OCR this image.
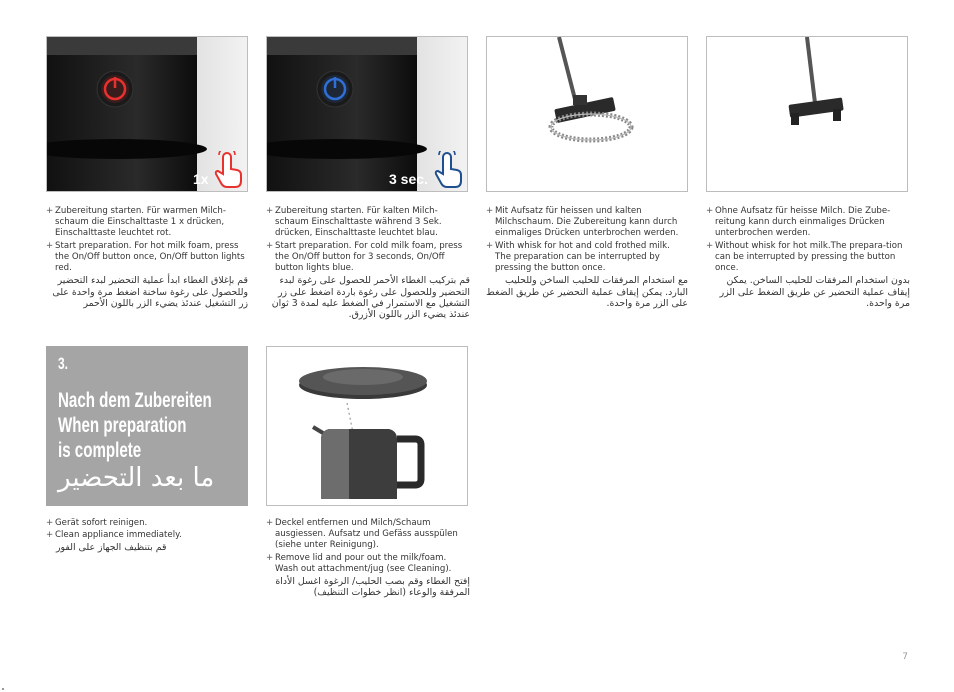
1x	3 sec.
+ Zubereitung starten. Für warmen Milch-schaum die Einschalttaste 1 x drücken, Einschalttaste leuchtet rot.
+ Start preparation. For hot milk foam, press the On/Off button once, On/Off button lights red.
قم بإغلاق الغطاء ابدأ عملية التحضير لبدء التحضير وللحصول على رغوة ساخنة اضغط مرة واحدة على زر التشغيل عندئذ يضيء الزر باللون الأحمر
+ Zubereitung starten. Für kalten Milch-schaum Einschalttaste während 3 Sek. drücken, Einschalttaste leuchtet blau.
+ Start preparation. For cold milk foam, press the On/Off button for 3 seconds, On/Off button lights blue.
قم بتركيب الغطاء الأحمر للحصول على رغوة لبدء التحضير وللحصول على رغوة باردة اضغط على زر التشغيل مع الاستمرار في الضغط عليه لمدة 3 ثوان عندئذ يضيء الزر باللون الأزرق.
+ Mit Aufsatz für heissen und kalten Milchschaum. Die Zubereitung kann durch einmaliges Drücken unterbrochen werden.
+ With whisk for hot and cold frothed milk. The preparation can be interrupted by pressing the button once.
مع استخدام المرفقات للحليب الساخن وللحليب البارد. يمكن إيقاف عملية التحضير عن طريق الضغط على الزر مرة واحدة.
+ Ohne Aufsatz für heisse Milch. Die Zube-reitung kann durch einmaliges Drücken unterbrochen werden.
+ Without whisk for hot milk.The prepara-tion can be interrupted by pressing the button once.
بدون استخدام المرفقات للحليب الساخن. يمكن إيقاف عملية التحضير عن طريق الضغط على الزر مرة واحدة.
3.
Nach dem Zubereiten
When preparation
is complete
ما بعد التحضير
+ Gerät sofort reinigen.
+ Clean appliance immediately.
قم بتنظيف الجهاز على الفور
+ Deckel entfernen und Milch/Schaum ausgiessen. Aufsatz und Gefäss ausspülen (siehe unter Reinigung).
+ Remove lid and pour out the milk/foam. Wash out attachment/jug (see Cleaning).
إفتح الغطاء وقم بصب الحليب/ الرغوة اغسل الأداة المرفقة والوعاء (انظر خطوات التنظيف)
7
